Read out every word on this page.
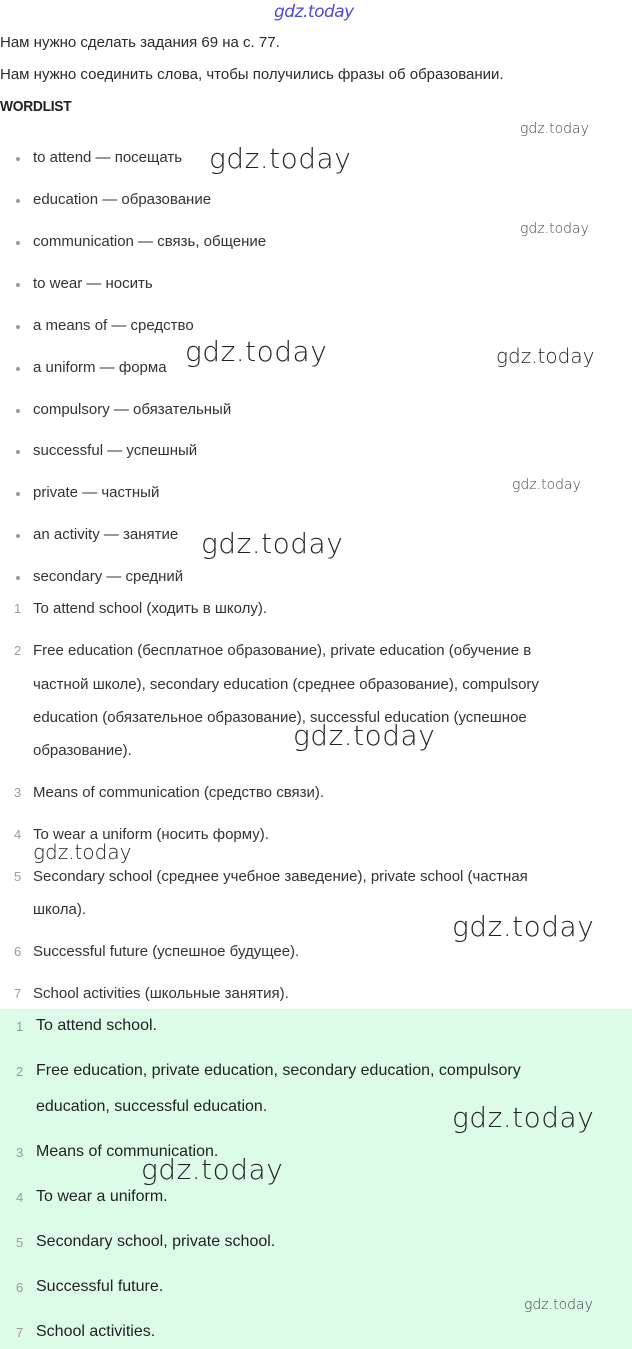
gdz.today
Нам нужно сделать задания 69 на с. 77.
Нам нужно соединить слова, чтобы получились фразы об образовании.
WORDLIST
to attend — посещать
education — образование
communication — связь, общение
to wear — носить
a means of — средство
a uniform — форма
compulsory — обязательный
successful — успешный
private — частный
an activity — занятие
secondary — средний
1 To attend school (ходить в школу).
2 Free education (бесплатное образование), private education (обучение в
частной школе), secondary education (среднее образование), compulsory
education (обязательное образование), successful education (успешное
образование).
3 Means of communication (средство связи).
4 To wear a uniform (носить форму).
5 Secondary school (среднее учебное заведение), private school (частная
школа).
6 Successful future (успешное будущее).
7 School activities (школьные занятия).
1 To attend school.
2 Free education, private education, secondary education, compulsory
education, successful education.
3 Means of communication.
4 To wear a uniform.
5 Secondary school, private school.
6 Successful future.
7 School activities.
gdz.today
gdz.today
gdz.today
gdz.today	gdz.today
gdz.today
gdz.today
gdz.today
gdz.today
gdz.today
gdz.today
gdz.today
gdz.today
